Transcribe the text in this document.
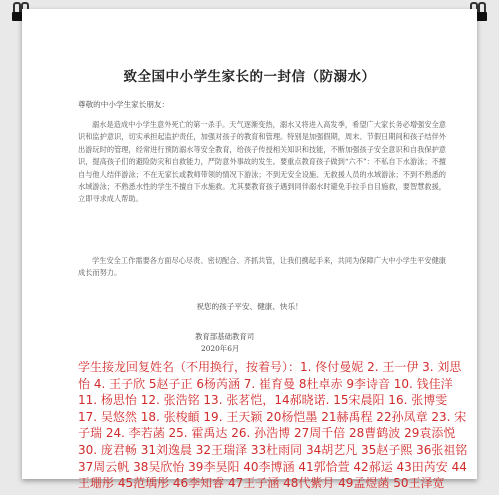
致全国中小学生家长的一封信（防溺水）
尊敬的中小学生家长朋友：

溺水是造成中小学生意外死亡的第一杀手。天气逐渐变热，溺水又将进入高发季，希望广大家长务必增强安全意识和监护意识，切实承担起监护责任，加强对孩子的教育和管理。特别是加强假期，周末、节假日期间和孩子结伴外出游玩时的管理，经常进行预防溺水等安全教育，给孩子传授相关知识和技能，不断加强孩子安全意识和自我保护意识，提高孩子们的避险防灾和自救能力，严防意外事故的发生。要重点教育孩子做到“六不”：不私自下水游泳；不擅自与他人结伴游泳；不在无家长或教师带领的情况下游泳；不到无安全设施、无救援人员的水域游泳；不到不熟悉的水域游泳；不熟悉水性的学生不擅自下水施救。尤其要教育孩子遇到同伴溺水时避免手拉手自目施救，要智慧救援，立即寻求成人帮助。

学生安全工作需要各方面尽心尽责、密切配合、齐抓共管，让我们携起手来，共同为保障广大中小学生平安健康成长而努力。

祝您的孩子平安、健康、快乐！
教育部基础教育司
2020年6月

学生接龙回复姓名（不用换行，按着号）：1. 佟付曼妮 2. 王一伊 3. 刘思怡 4. 王子欣 5赵子正 6杨芮涵 7. 崔育曼 8杜卓赤 9李诗音 10. 钱佳洋 11. 杨思怡 12. 张浩铭 13. 张茗恺，14郝晓诺. 15宋晨阳 16. 张博雯 17. 吴悠然 18. 张梭頔 19. 王天颖 20杨恺墨 21赫禹程 22孙凤章 23. 宋子瑞 24. 李若菡 25. 霍禹达 26. 孙浩博 27周千倍 28曹鹤波 29袁添悦 30. 庞君畅 31刘逸晨 32王瑞泽 33杜雨同 34胡艺凡 35赵子熙 36张祖铭 37周云帆 38吴欣怡 39李昊阳 40李博涵 41郭恰萱 42郝运 43田芮安 44王珊彤 45范瑀彤 46李知睿 47王子涵 48代紫月 49孟煜菡 50王泽宽
